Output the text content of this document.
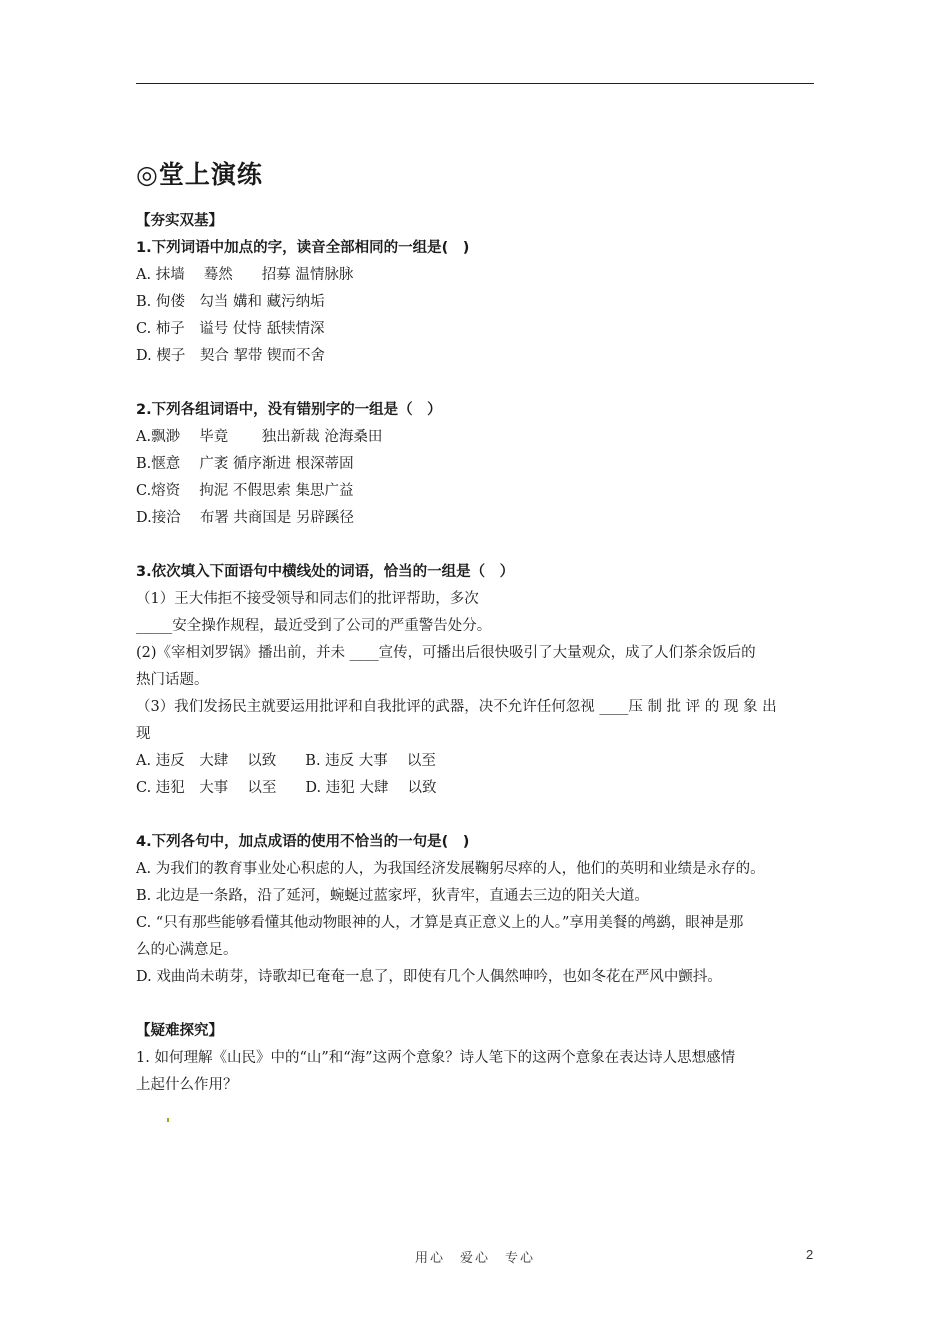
◎堂上演练
【夯实双基】
1.下列词语中加点的字，读音全部相同的一组是(　)
A. 抹墙　 蓦然　　招募 温情脉脉
B. 佝偻　勾当 媾和 藏污纳垢
C. 柿子　谥号 仗恃 舐犊情深
D. 楔子　契合 挈带 锲而不舍
2.下列各组词语中，没有错别字的一组是（　）
A.飘渺　 毕竟　　 独出新裁 沧海桑田
B.惬意　 广袤 循序渐进 根深蒂固
C.熔资　 拘泥 不假思索 集思广益
D.接洽　 布署 共商国是 另辟蹊径
3.依次填入下面语句中横线处的词语，恰当的一组是（　）
（1）王大伟拒不接受领导和同志们的批评帮助，多次
_____安全操作规程，最近受到了公司的严重警告处分。
(2)《宰相刘罗锅》播出前，并未 ____宣传，可播出后很快吸引了大量观众，成了人们茶余饭后的
热门话题。
（3）我们发扬民主就要运用批评和自我批评的武器，决不允许任何忽视 ____压 制 批 评 的 现 象 出
现
A. 违反　大肆　 以致　　B. 违反 大事　 以至
C. 违犯　大事　 以至　　D. 违犯 大肆　 以致
4.下列各句中，加点成语的使用不恰当的一句是(　)
A. 为我们的教育事业处心积虑的人，为我国经济发展鞠躬尽瘁的人，他们的英明和业绩是永存的。
B. 北边是一条路，沿了延河，蜿蜒过蓝家坪，狄青牢，直通去三边的阳关大道。
C. “只有那些能够看懂其他动物眼神的人，才算是真正意义上的人。”享用美餐的鸬鹚，眼神是那
么的心满意足。
D. 戏曲尚未萌芽，诗歌却已奄奄一息了，即使有几个人偶然呻吟，也如冬花在严风中颤抖。
【疑难探究】
1. 如何理解《山民》中的“山”和“海”这两个意象？诗人笔下的这两个意象在表达诗人思想感情
上起什么作用？
用心　爱心　专心	2
